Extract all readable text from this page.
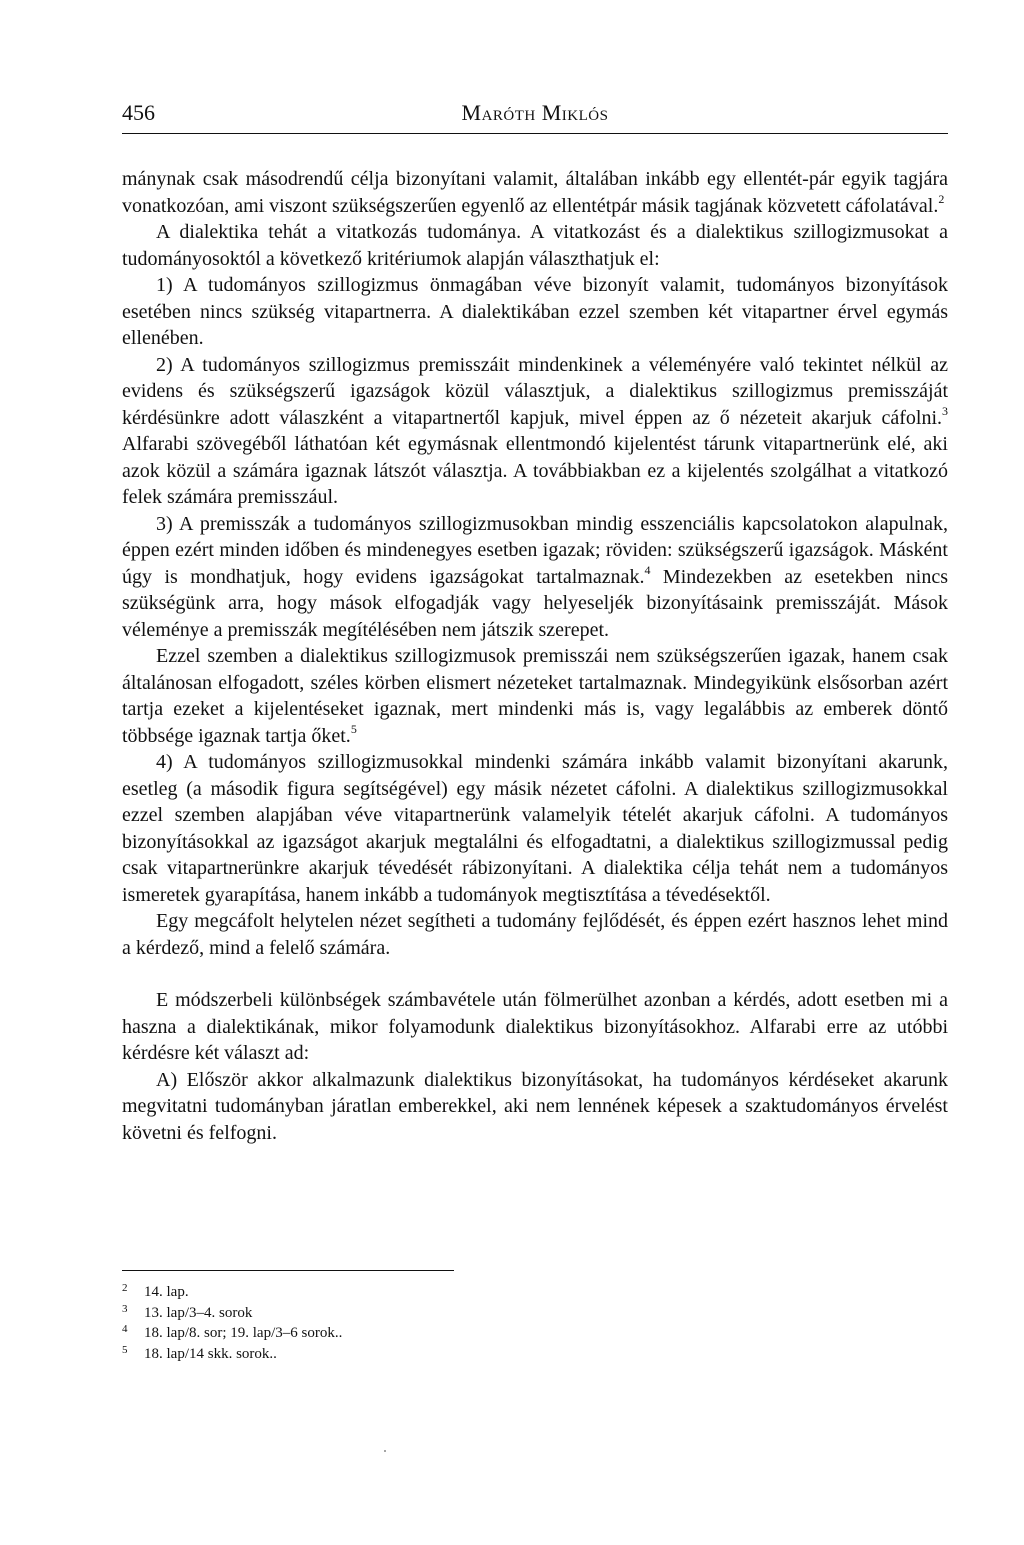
456	Maróth Miklós

mánynak csak másodrendű célja bizonyítani valamit, általában inkább egy ellentét-pár egyik tagjára vonatkozóan, ami viszont szükségszerűen egyenlő az ellentétpár másik tagjának közvetett cáfolatával.$^2$

A dialektika tehát a vitatkozás tudománya. A vitatkozást és a dialektikus szillogizmusokat a tudományosoktól a következő kritériumok alapján választhatjuk el:

1) A tudományos szillogizmus önmagában véve bizonyít valamit, tudományos bizonyítások esetében nincs szükség vitapartnerra. A dialektikában ezzel szemben két vitapartner érvel egymás ellenében.

2) A tudományos szillogizmus premisszáit mindenkinek a véleményére való tekintet nélkül az evidens és szükségszerű igazságok közül választjuk, a dialektikus szillogizmus premisszáját kérdésünkre adott válaszként a vitapartnertől kapjuk, mivel éppen az ő nézeteit akarjuk cáfolni.$^3$ Alfarabi szövegéből láthatóan két egymásnak ellentmondó kijelentést tárunk vitapartnerünk elé, aki azok közül a számára igaznak látszót választja. A továbbiakban ez a kijelentés szolgálhat a vitatkozó felek számára premisszául.

3) A premisszák a tudományos szillogizmusokban mindig esszenciális kapcsolatokon alapulnak, éppen ezért minden időben és mindenegyes esetben igazak; röviden: szükségszerű igazságok. Másként úgy is mondhatjuk, hogy evidens igazságokat tartalmaznak.$^4$ Mindezekben az esetekben nincs szükségünk arra, hogy mások elfogadják vagy helyeseljék bizonyításaink premisszáját. Mások véleménye a premisszák megítélésében nem játszik szerepet.

Ezzel szemben a dialektikus szillogizmusok premisszái nem szükségszerűen igazak, hanem csak általánosan elfogadott, széles körben elismert nézeteket tartalmaznak. Mindegyikünk elsősorban azért tartja ezeket a kijelentéseket igaznak, mert mindenki más is, vagy legalábbis az emberek döntő többsége igaznak tartja őket.$^5$

4) A tudományos szillogizmusokkal mindenki számára inkább valamit bizonyítani akarunk, esetleg (a második figura segítségével) egy másik nézetet cáfolni. A dialektikus szillogizmusokkal ezzel szemben alapjában véve vitapartnerünk valamelyik tételét akarjuk cáfolni. A tudományos bizonyításokkal az igazságot akarjuk megtalálni és elfogadtatni, a dialektikus szillogizmussal pedig csak vitapartnerünkre akarjuk tévedését rábizonyítani. A dialektika célja tehát nem a tudományos ismeretek gyarapítása, hanem inkább a tudományok megtisztítása a tévedésektől.

Egy megcáfolt helytelen nézet segítheti a tudomány fejlődését, és éppen ezért hasznos lehet mind a kérdező, mind a felelő számára.

E módszerbeli különbségek számbavétele után fölmerülhet azonban a kérdés, adott esetben mi a haszna a dialektikának, mikor folyamodunk dialektikus bizonyításokhoz. Alfarabi erre az utóbbi kérdésre két választ ad:

A) Először akkor alkalmazunk dialektikus bizonyításokat, ha tudományos kérdéseket akarunk megvitatni tudományban járatlan emberekkel, aki nem lennének képesek a szaktudományos érvelést követni és felfogni.

2 14. lap.
3 13. lap/3–4. sorok
4 18. lap/8. sor; 19. lap/3–6 sorok..
5 18. lap/14 skk. sorok..
